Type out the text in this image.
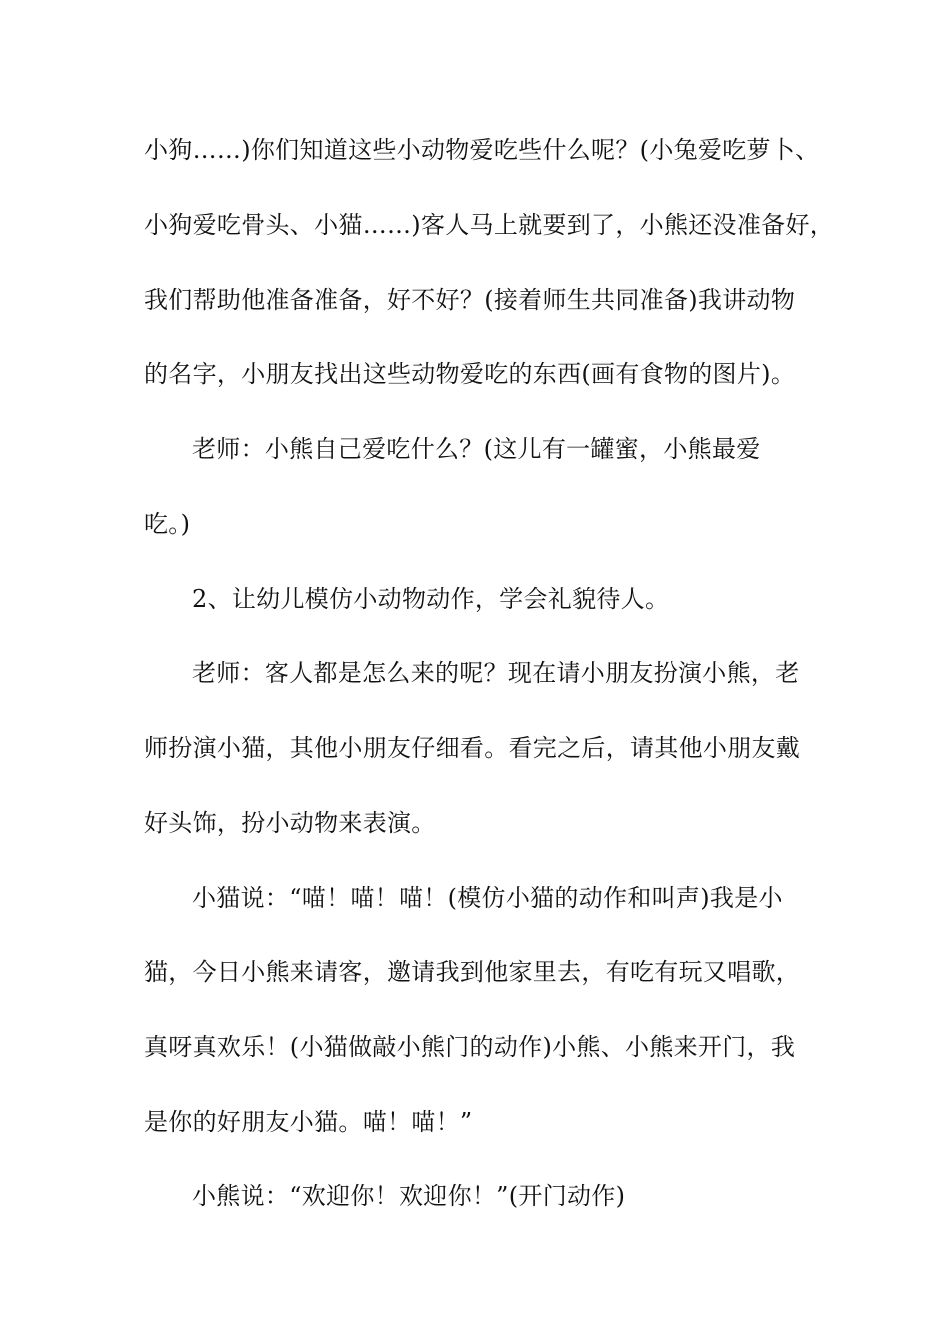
小狗……)你们知道这些小动物爱吃些什么呢？(小兔爱吃萝卜、
小狗爱吃骨头、小猫……)客人马上就要到了，小熊还没准备好，
我们帮助他准备准备，好不好？(接着师生共同准备)我讲动物
的名字，小朋友找出这些动物爱吃的东西(画有食物的图片)。
老师：小熊自己爱吃什么？(这儿有一罐蜜，小熊最爱
吃。)
2、让幼儿模仿小动物动作，学会礼貌待人。
老师：客人都是怎么来的呢？现在请小朋友扮演小熊，老
师扮演小猫，其他小朋友仔细看。看完之后，请其他小朋友戴
好头饰，扮小动物来表演。
小猫说：“喵！喵！喵！(模仿小猫的动作和叫声)我是小
猫，今日小熊来请客，邀请我到他家里去，有吃有玩又唱歌，
真呀真欢乐！(小猫做敲小熊门的动作)小熊、小熊来开门，我
是你的好朋友小猫。喵！喵！”
小熊说：“欢迎你！欢迎你！”(开门动作)
